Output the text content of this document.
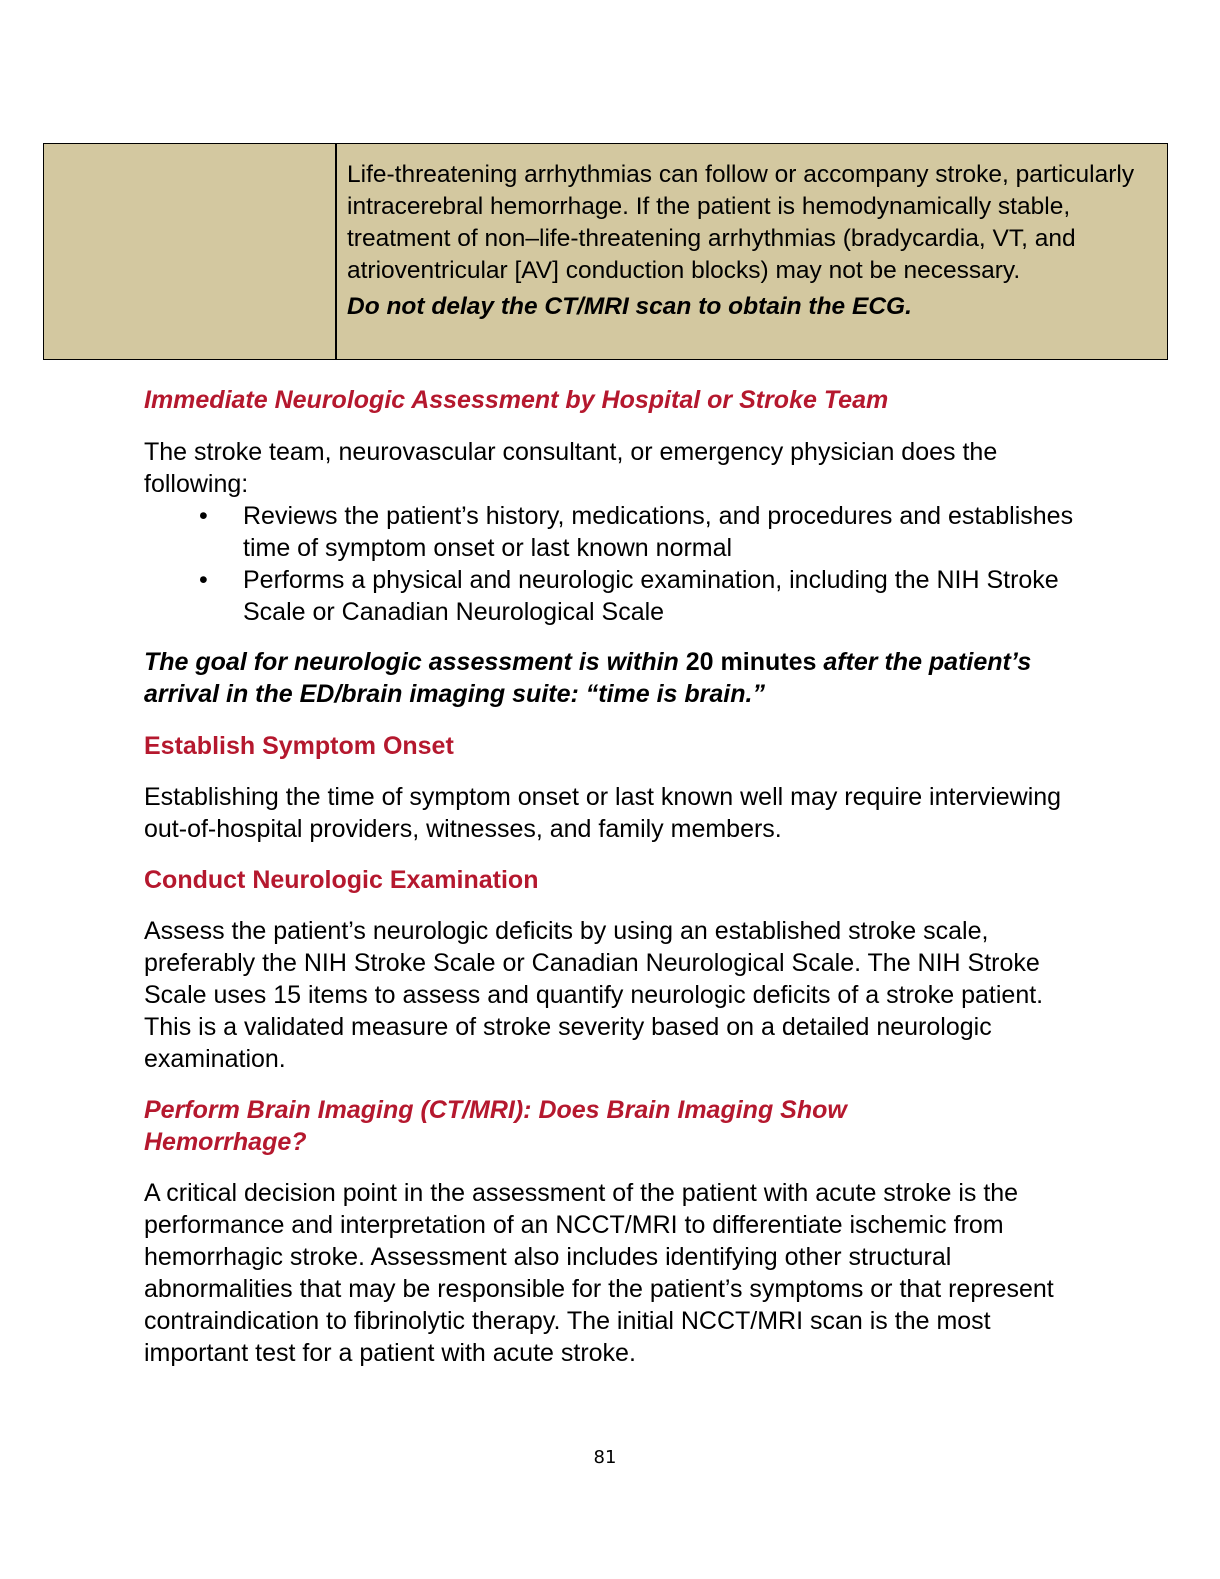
Life-threatening arrhythmias can follow or accompany stroke, particularly intracerebral hemorrhage. If the patient is hemodynamically stable, treatment of non–life-threatening arrhythmias (bradycardia, VT, and atrioventricular [AV] conduction blocks) may not be necessary.

Do not delay the CT/MRI scan to obtain the ECG.

Immediate Neurologic Assessment by Hospital or Stroke Team

The stroke team, neurovascular consultant, or emergency physician does the following:

• Reviews the patient’s history, medications, and procedures and establishes time of symptom onset or last known normal
• Performs a physical and neurologic examination, including the NIH Stroke Scale or Canadian Neurological Scale

The goal for neurologic assessment is within 20 minutes after the patient’s arrival in the ED/brain imaging suite: “time is brain.”

Establish Symptom Onset

Establishing the time of symptom onset or last known well may require interviewing out-of-hospital providers, witnesses, and family members.

Conduct Neurologic Examination

Assess the patient’s neurologic deficits by using an established stroke scale, preferably the NIH Stroke Scale or Canadian Neurological Scale. The NIH Stroke Scale uses 15 items to assess and quantify neurologic deficits of a stroke patient. This is a validated measure of stroke severity based on a detailed neurologic examination.

Perform Brain Imaging (CT/MRI): Does Brain Imaging Show Hemorrhage?

A critical decision point in the assessment of the patient with acute stroke is the performance and interpretation of an NCCT/MRI to differentiate ischemic from hemorrhagic stroke. Assessment also includes identifying other structural abnormalities that may be responsible for the patient’s symptoms or that represent contraindication to fibrinolytic therapy. The initial NCCT/MRI scan is the most important test for a patient with acute stroke.

81
